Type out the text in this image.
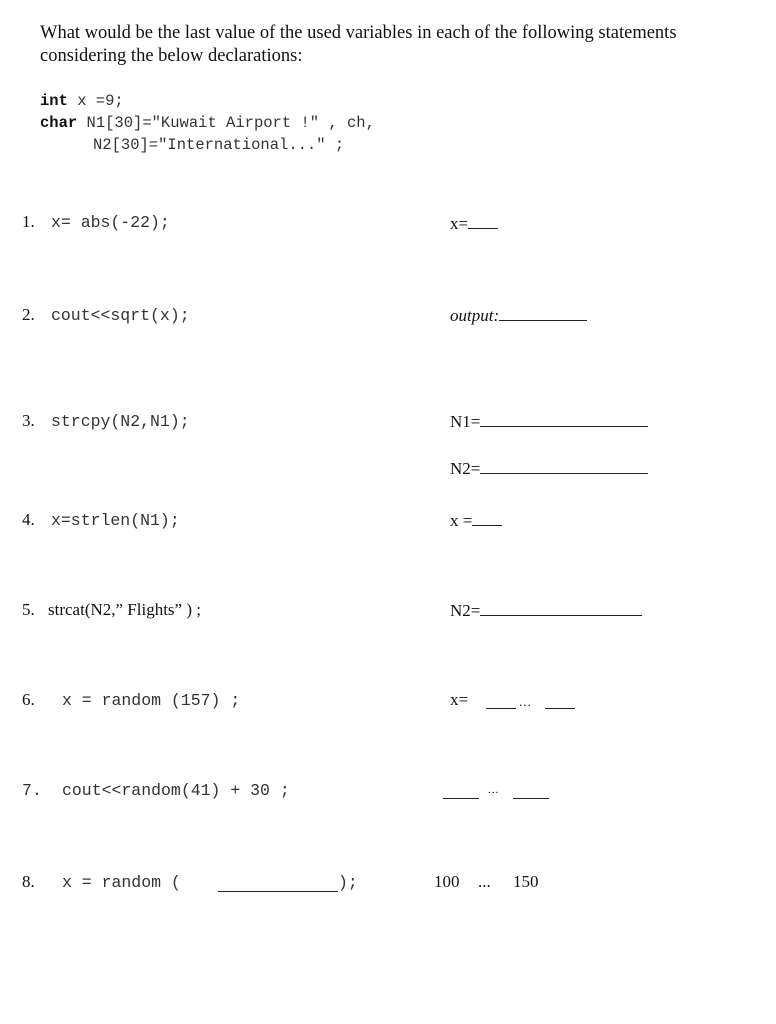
What would be the last value of the used variables in each of the following statements considering the below declarations:
int x =9;
char N1[30]="Kuwait Airport !" , ch,
N2[30]="International..." ;
1. x= abs(-22);	x=
2. cout<<sqrt(x);	output:
3. strcpy(N2,N1);	N1=
N2=
4. x=strlen(N1);	x =
5. strcat(N2,” Flights” ) ;	N2=
6. x = random (157) ;	x=	...
7. cout<<random(41) + 30 ;	...
8. x = random (	);	100 ... 150
